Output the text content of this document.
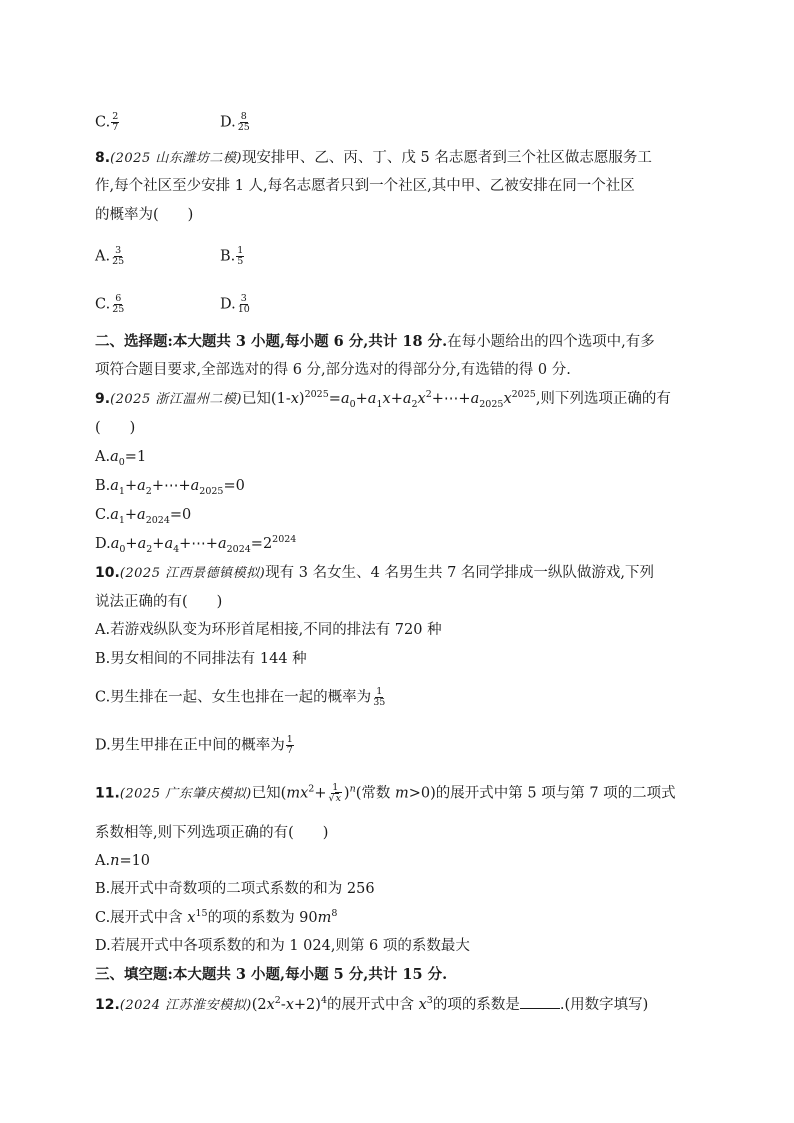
C. $\frac{2}{7}$	D. $\frac{8}{25}$
8.(2025 山东潍坊二模)现安排甲、乙、丙、丁、戊 5 名志愿者到三个社区做志愿服务工
作,每个社区至少安排 1 人,每名志愿者只到一个社区,其中甲、乙被安排在同一个社区
的概率为(　　)
A. $\frac{3}{25}$	B. $\frac{1}{5}$
C. $\frac{6}{25}$	D. $\frac{3}{10}$
二、选择题:本大题共 3 小题,每小题 6 分,共计 18 分.在每小题给出的四个选项中,有多
项符合题目要求,全部选对的得 6 分,部分选对的得部分分,有选错的得 0 分.
9.(2025 浙江温州二模)已知$(1-x)^{2025}=a_0+a_1x+a_2x^2+\cdots+a_{2025}x^{2025}$,则下列选项正确的有
(　　)
$A.a_0=1$
$B.a_1+a_2+\cdots+a_{2025}=0$
$C.a_1+a_{2024}=0$
$D.a_0+a_2+a_4+\cdots+a_{2024}=2^{2024}$
10.(2025 江西景德镇模拟)现有 3 名女生、4 名男生共 7 名同学排成一纵队做游戏,下列
说法正确的有(　　)
A.若游戏纵队变为环形首尾相接,不同的排法有 720 种
B.男女相间的不同排法有 144 种
C.男生排在一起、女生也排在一起的概率为 $\frac{1}{35}$
D.男生甲排在正中间的概率为 $\frac{1}{7}$
11.(2025 广东肇庆模拟)已知$(mx^2+ \frac{1}{√x} )^n$(常数 m>0)的展开式中第 5 项与第 7 项的二项式
系数相等,则下列选项正确的有(　　)
A.n=10
B.展开式中奇数项的二项式系数的和为 256
C.展开式中含 $x^{15}$的项的系数为 $90m^8$
D.若展开式中各项系数的和为 1 024,则第 6 项的系数最大
三、填空题:本大题共 3 小题,每小题 5 分,共计 15 分.
12.(2024 江苏淮安模拟)$(2x^2-x+2)^4$的展开式中含 $x^3$的项的系数是	.(用数字填写)
